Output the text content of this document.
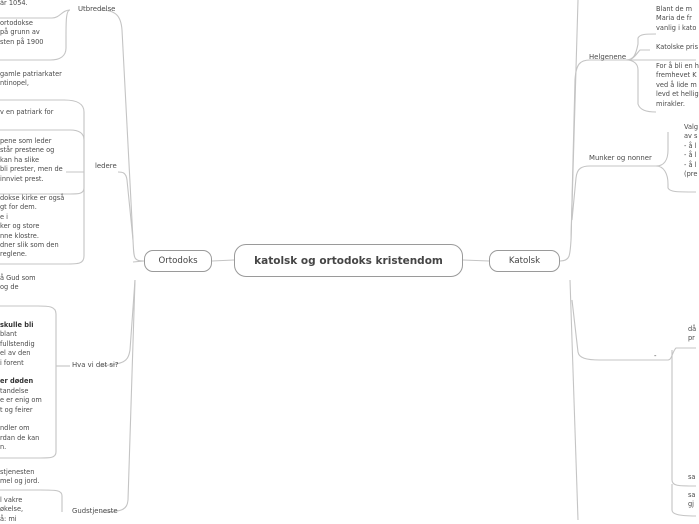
katolsk og ortodoks kristendom
Ortodoks	Katolsk
Utbredelse
ledere
Hva vi det si?
Gudstjeneste
år 1054.
ortodokse
på grunn av
sten på 1900
gamle patriarkater
ntinopel,
v en patriark for
pene som leder
står prestene og
kan ha slike
bli prester, men de
innviet prest.
dokse kirke er også
gt for dem.
e i
ker og store
nne klostre.
dner slik som den
reglene.
å Gud som
og de
skulle bli
blant
fullstendig
el av den
i forent
er døden
tandelse
e er enig om
t og feirer
ndler om
rdan de kan
n.
stjenesten
mel og jord.
l vakre
økelse,
å: mi
Helgenene
Munker og nonner
-
Blant de m
Maria de fr
vanlig i kato
Katolske pris
For å bli en h
fremhevet K
ved å lide m
levd et hellig
mirakler.
Valg
av s
- å l
- å l
- å l
(pre
då
pr
sa
sa
gj
